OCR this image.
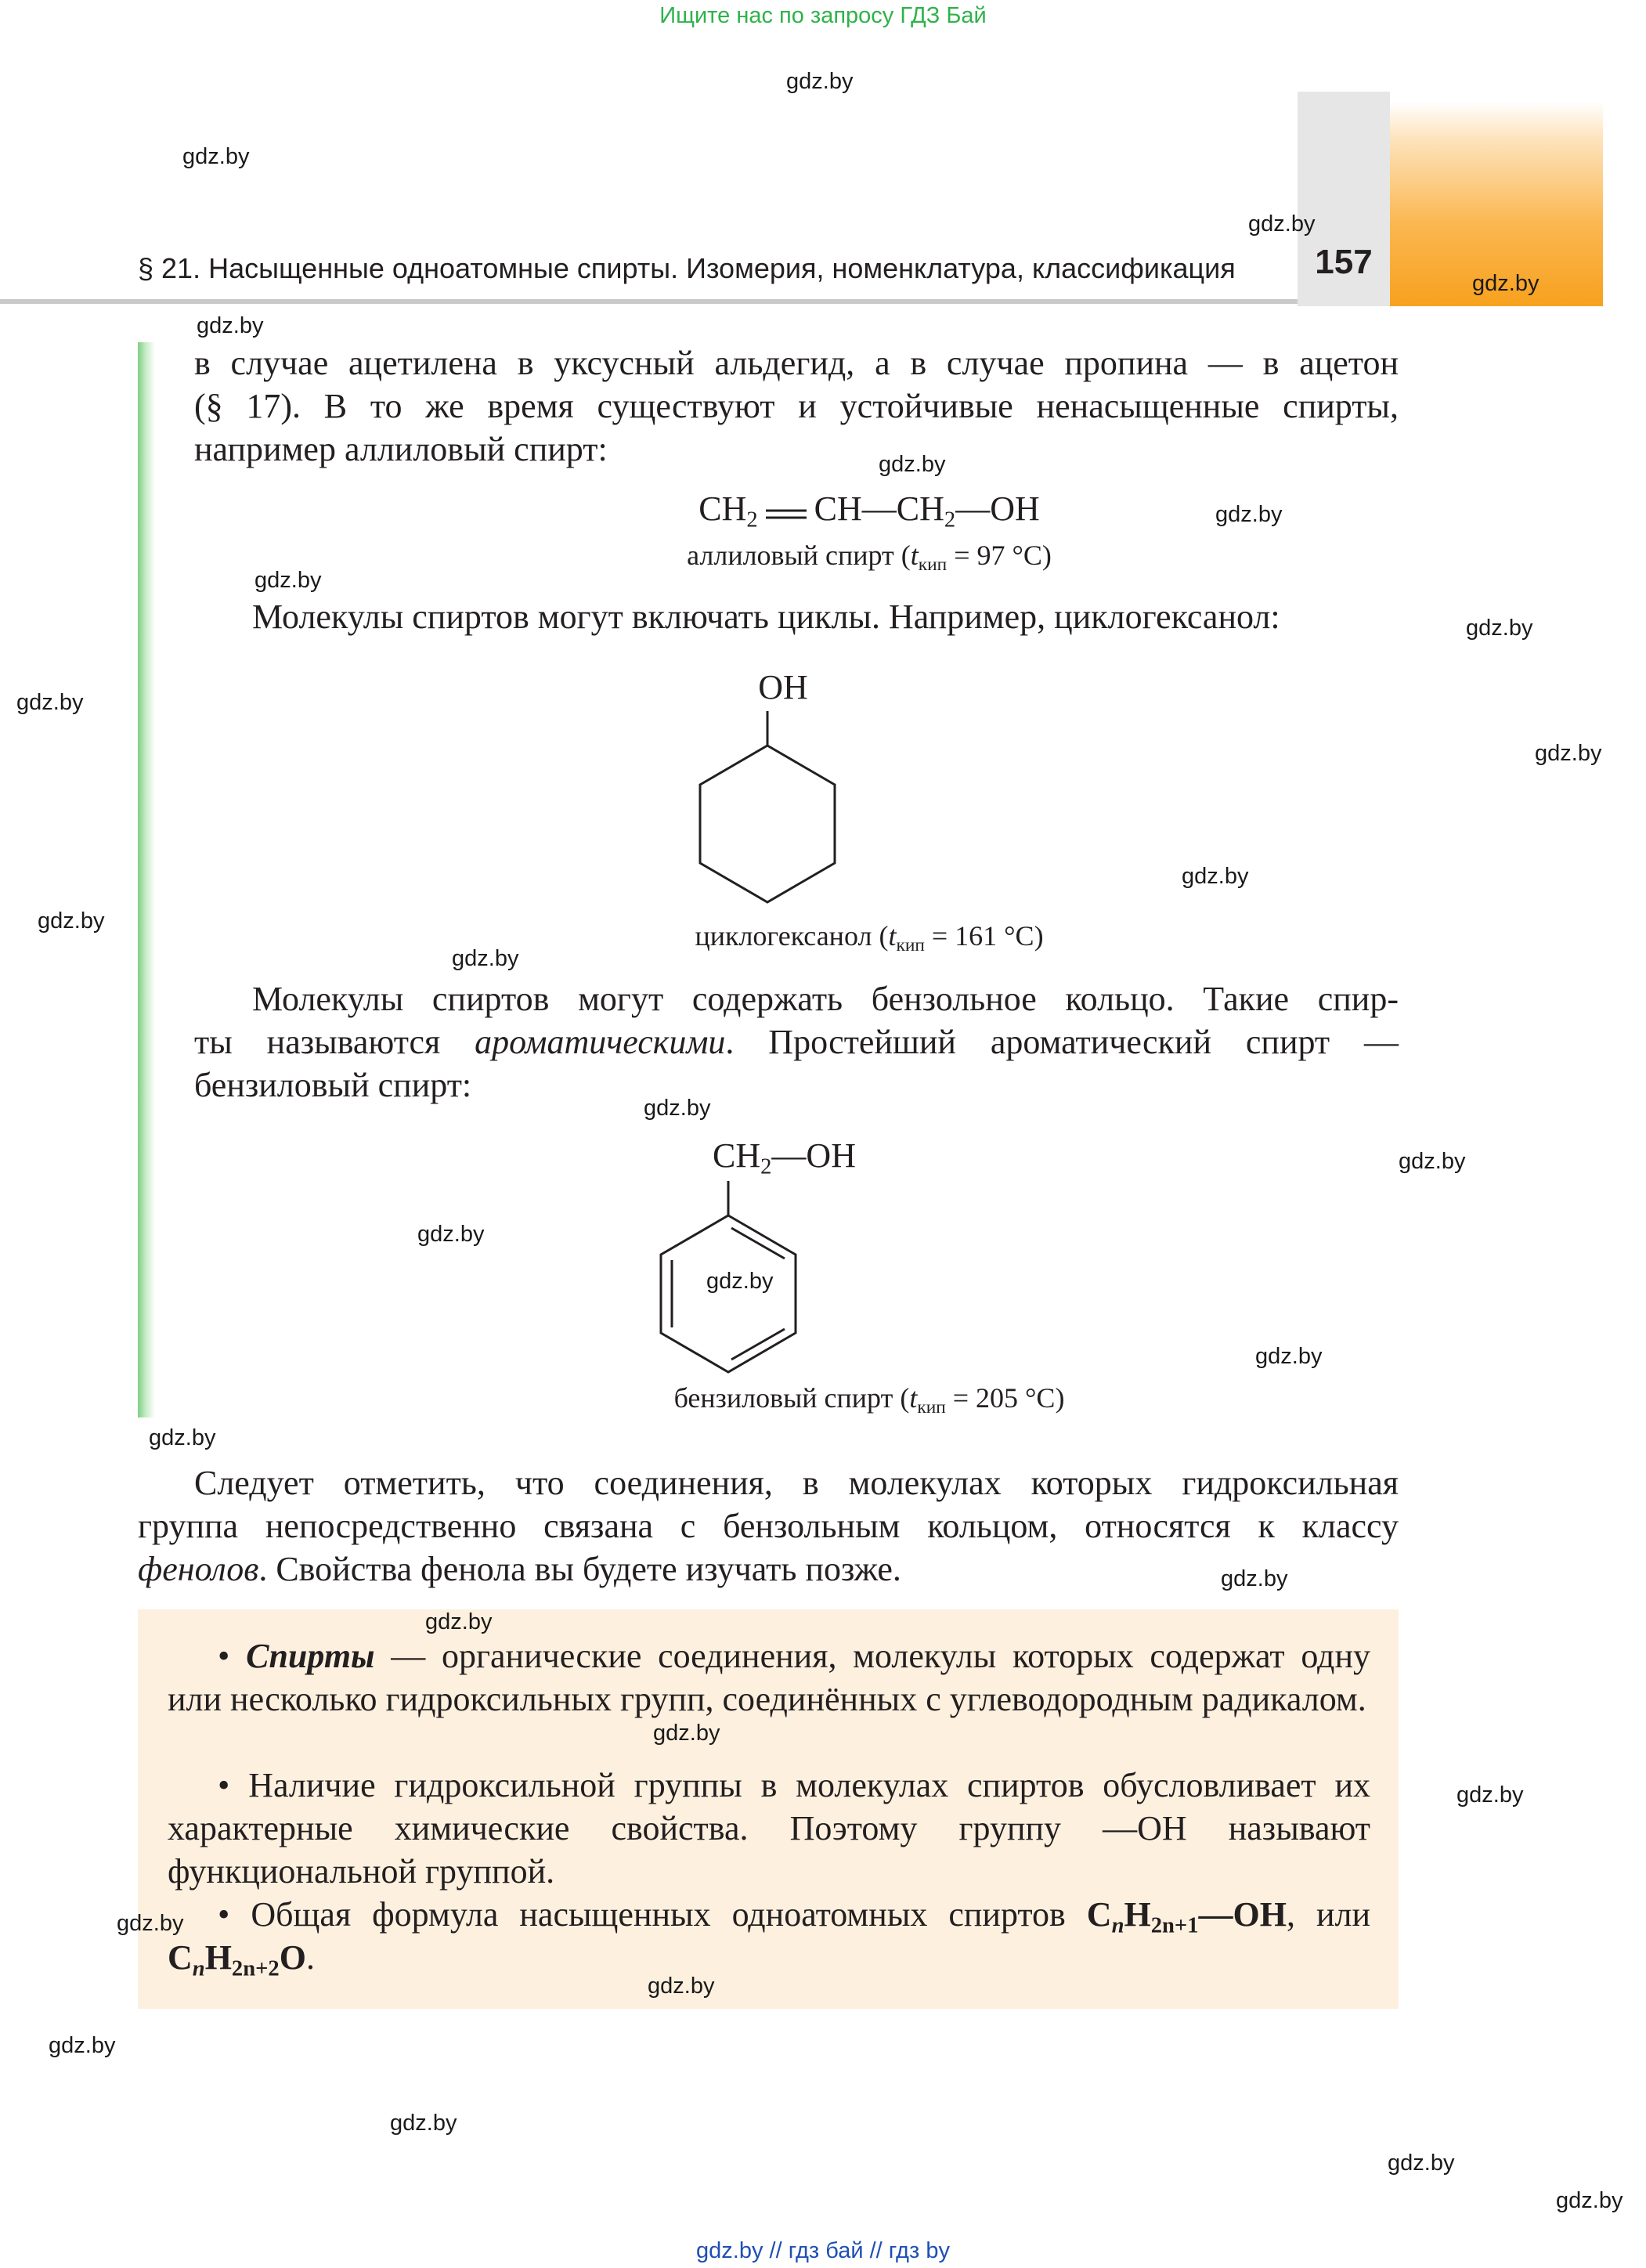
Ищите нас по запросу ГДЗ Бай
gdz.by // гдз бай // гдз by
§ 21. Насыщенные одноатомные спирты. Изомерия, номенклатура, классификация	157
в случае ацетилена в уксусный альдегид, а в случае пропина — в ацетон
(§ 17). В то же время существуют и устойчивые ненасыщенные спирты,
например аллиловый спирт:
$CH_2$ $CH—CH_2—OH$
аллиловый спирт ($t_{кип} = 97$ °C)
Молекулы спиртов могут включать циклы. Например, циклогексанол:
OH
циклогексанол ($t_{кип} = 161$ °C)
Молекулы спиртов могут содержать бензольное кольцо. Такие спир-
ты называются ароматическими. Простейший ароматический спирт —
бензиловый спирт:
$CH_2—OH$
бензиловый спирт ($t_{кип} = 205$ °C)
Следует отметить, что соединения, в молекулах которых гидроксильная
группа непосредственно связана с бензольным кольцом, относятся к классу
фенолов. Свойства фенола вы будете изучать позже.
• Спирты — органические соединения, молекулы которых содержат одну или несколько гидроксильных групп, соединённых с углеводородным радикалом.
• Наличие гидроксильной группы в молекулах спиртов обусловливает их характерные химические свойства. Поэтому группу —OH называют функциональной группой.
• Общая формула насыщенных одноатомных спиртов $C_nH_{2n+1}—OH$, или $C_nH_{2n+2}O$.
gdz.by
gdz.by
gdz.by
gdz.by
gdz.by
gdz.by
gdz.by
gdz.by
gdz.by
gdz.by
gdz.by
gdz.by
gdz.by
gdz.by
gdz.by
gdz.by
gdz.by
gdz.by
gdz.by
gdz.by
gdz.by
gdz.by
gdz.by
gdz.by
gdz.by
gdz.by
gdz.by
gdz.by
gdz.by
gdz.by
